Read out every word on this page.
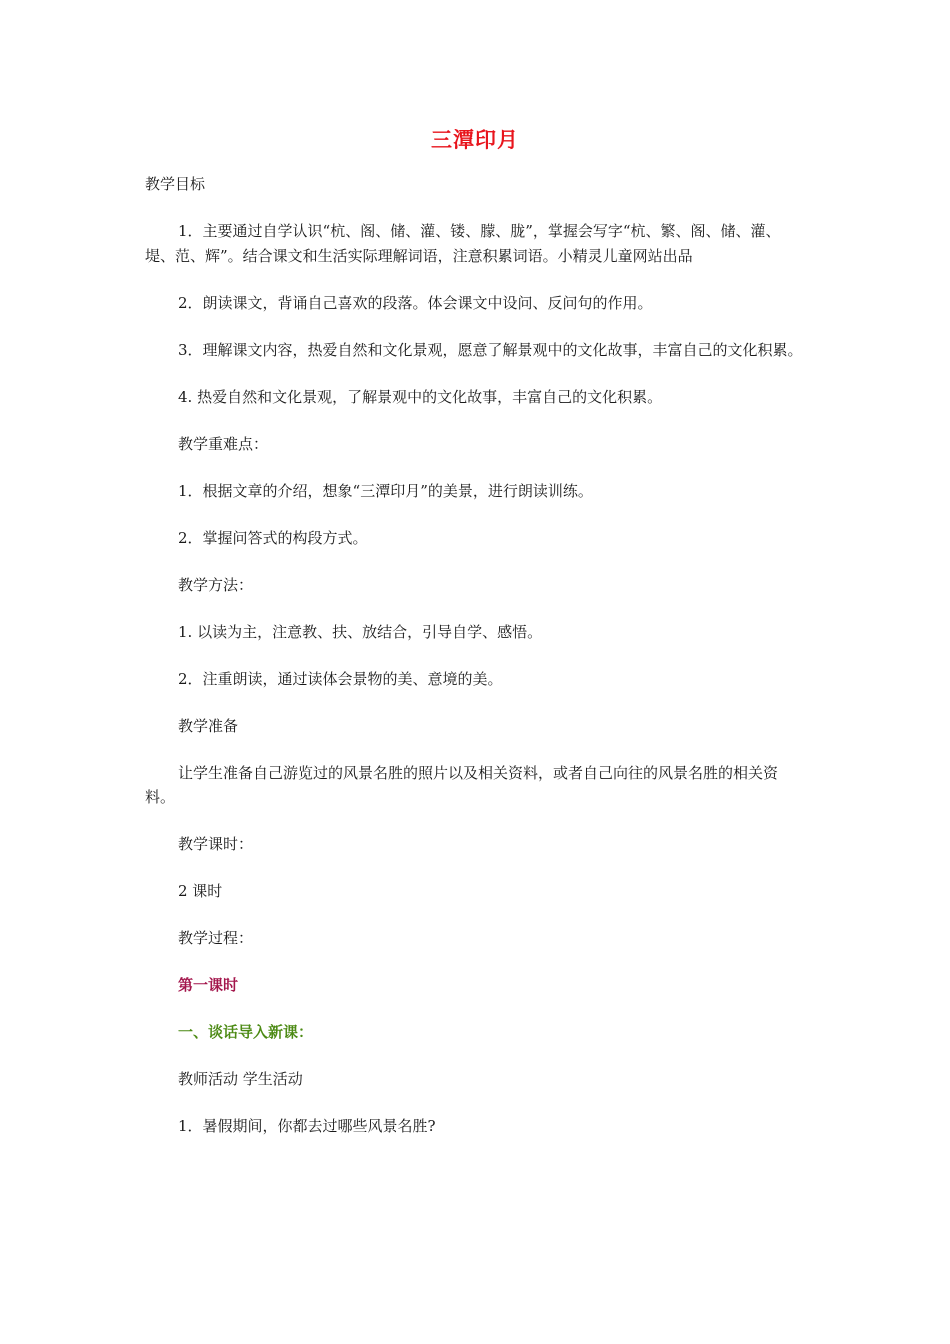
三潭印月

教学目标

1．主要通过自学认识“杭、阁、储、灌、镂、朦、胧”，掌握会写字“杭、繁、阁、储、灌、堤、范、辉”。结合课文和生活实际理解词语，注意积累词语。小精灵儿童网站出品

2．朗读课文，背诵自己喜欢的段落。体会课文中设问、反问句的作用。

3．理解课文内容，热爱自然和文化景观，愿意了解景观中的文化故事，丰富自己的文化积累。

4. 热爱自然和文化景观，了解景观中的文化故事，丰富自己的文化积累。

教学重难点：

1．根据文章的介绍，想象“三潭印月”的美景，进行朗读训练。

2．掌握问答式的构段方式。

教学方法：

1. 以读为主，注意教、扶、放结合，引导自学、感悟。

2．注重朗读，通过读体会景物的美、意境的美。

教学准备

让学生准备自己游览过的风景名胜的照片以及相关资料，或者自己向往的风景名胜的相关资料。

教学课时：

2 课时

教学过程：

第一课时

一、谈话导入新课：

教师活动 学生活动

1．暑假期间，你都去过哪些风景名胜?
